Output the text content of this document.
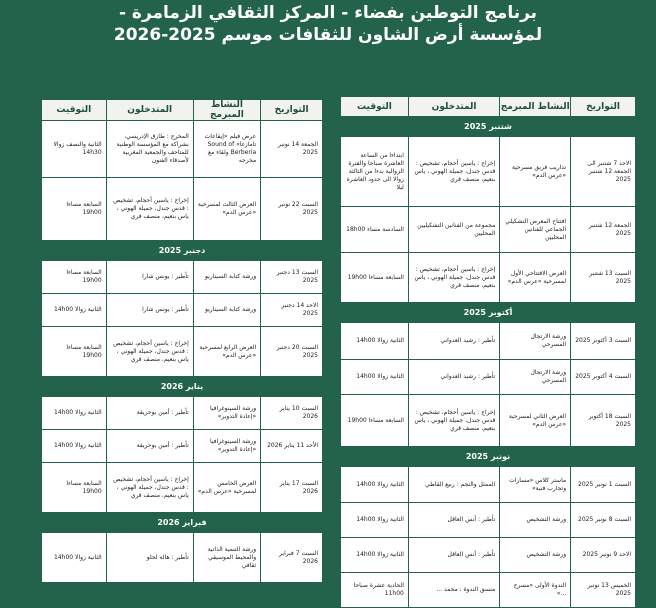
برنامج التوطين بفضاء - المركز الثقافي الزمامرة -
لمؤسسة أرض الشاون للثقافات موسم 2025-2026
التواريخ	النشاط المبرمج	المتدخلون	التوقيت
شتنبر 2025			
الاحد 7 شتنبر الى الجمعة 12 شتنبر 2025	تداريب فريق مسرحية «عرس الدم»	إخراج : ياسين أحجام، تشخيص : قدس جندل، جميلة الهوني ، ياس بنعيم، منصف قري	ابتداءا من الساعة العاشرة صباحا والفترة الزوالية بدءا من الثالثة زوالا الى حدود العاشرة ليلا
الجمعة 12 شتنبر 2025	افتتاح المعرض التشكيلي الجماعي للفنانين المحليين	مجموعة من الفنانين التشكيليين المحليين	السادسة مساء 18h00
السبت 13 شتنبر 2025	العرض الافتتاحي الأول لمسرحية «عرس الدم»	إخراج : ياسين أحجام، تشخيص : قدس جندل، جميلة الهوني ، ياس بنعيم، منصف قري	السابعة مساءا 19h00
أكتوبر 2025			
السبت 3 أكتوبر 2025	ورشة الارتجال المسرحي	تأطير : رشيد العدواني	الثانية زوالا 14h00
السبت 4 أكتوبر 2025	ورشة الارتجال المسرحي	تأطير : رشيد العدواني	الثانية زوالا 14h00
السبت 18 أكتوبر 2025	العرض الثاني لمسرحية «عرس الدم»	إخراج : ياسين أحجام، تشخيص : قدس جندل، جميلة الهوني ، ياس بنعيم، منصف قري	السابعة مساءا 19h00
نونبر 2025			
السبت 1 نونبر 2025	ماستر كلاس «مسارات وتجارب فنية»	الممثل والنجم : ربيع القاطي	الثانية زوالا 14h00
السبت 8 نونبر 2025	ورشة التشخيص	تأطير : أنس العاقل	الثانية زوالا 14h00
الاحد 9 نونبر 2025	ورشة التشخيص	تأطير : أنس العاقل	الثانية زوالا 14h00
الخميس 13 نونبر 2025	الندوة الأولى «مسرح ...»	منسق الندوة : محمد ...	الحادية عشرة صباحا 11h00
التواريخ	النشاط المبرمج	المتدخلون	التوقيت
الجمعة 14 نونبر 2025	عرض فيلم «إيقاعات تامازغا» Sound of Berberia ولقاء مع مخرجه	المخرج : طارق الإدريسي، بشراكة مع المؤسسة الوطنية للمتاحف والجمعية المغربية لأصدقاء الفنون	الثانية والنصف زوالا 14h30
السبت 22 نونبر 2025	العرض الثالث لمسرحية «عرس الدم»	إخراج : ياسين أحجام، تشخيص : قدس جندل، جميلة الهوني ، ياس بنعيم، منصف قري	السابعة مساءا 19h00
دجنبر 2025			
السبت 13 دجنبر 2025	ورشة كتابة السيناريو	تأطير : يونس شارا	السابعة مساءا 19h00
الاحد 14 دجنبر 2025	ورشة كتابة السيناريو	تأطير : يونس شارا	الثانية زوالا 14h00
السبت 20 دجنبر 2025	العرض الرابع لمسرحية «عرس الدم»	إخراج : ياسين أحجام، تشخيص : قدس جندل، جميلة الهوني ، ياس بنعيم، منصف قري	السابعة مساءا 19h00
يناير 2026			
السبت 10 يناير 2026	ورشة السينوغرافيا «إعادة التدوير»	تأطير : أمين بوحريقة	الثانية زوالا 14h00
الأحد 11 يناير 2026	ورشة السينوغرافيا «إعادة التدوير»	تأطير : أمين بوحريقة	الثانية زوالا 14h00
السبت 17 يناير 2026	العرض الخامس لمسرحية «عرس الدم»	إخراج : ياسين أحجام، تشخيص : قدس جندل، جميلة الهوني ، ياس بنعيم، منصف قري	السابعة مساءا 19h00
فبراير 2026			
السبت 7 فبراير 2026	ورشة التنمية الذاتية والمحيط الموسيقي ثقافي	تأطير : هالة لحلو	الثانية زوالا 14h00
